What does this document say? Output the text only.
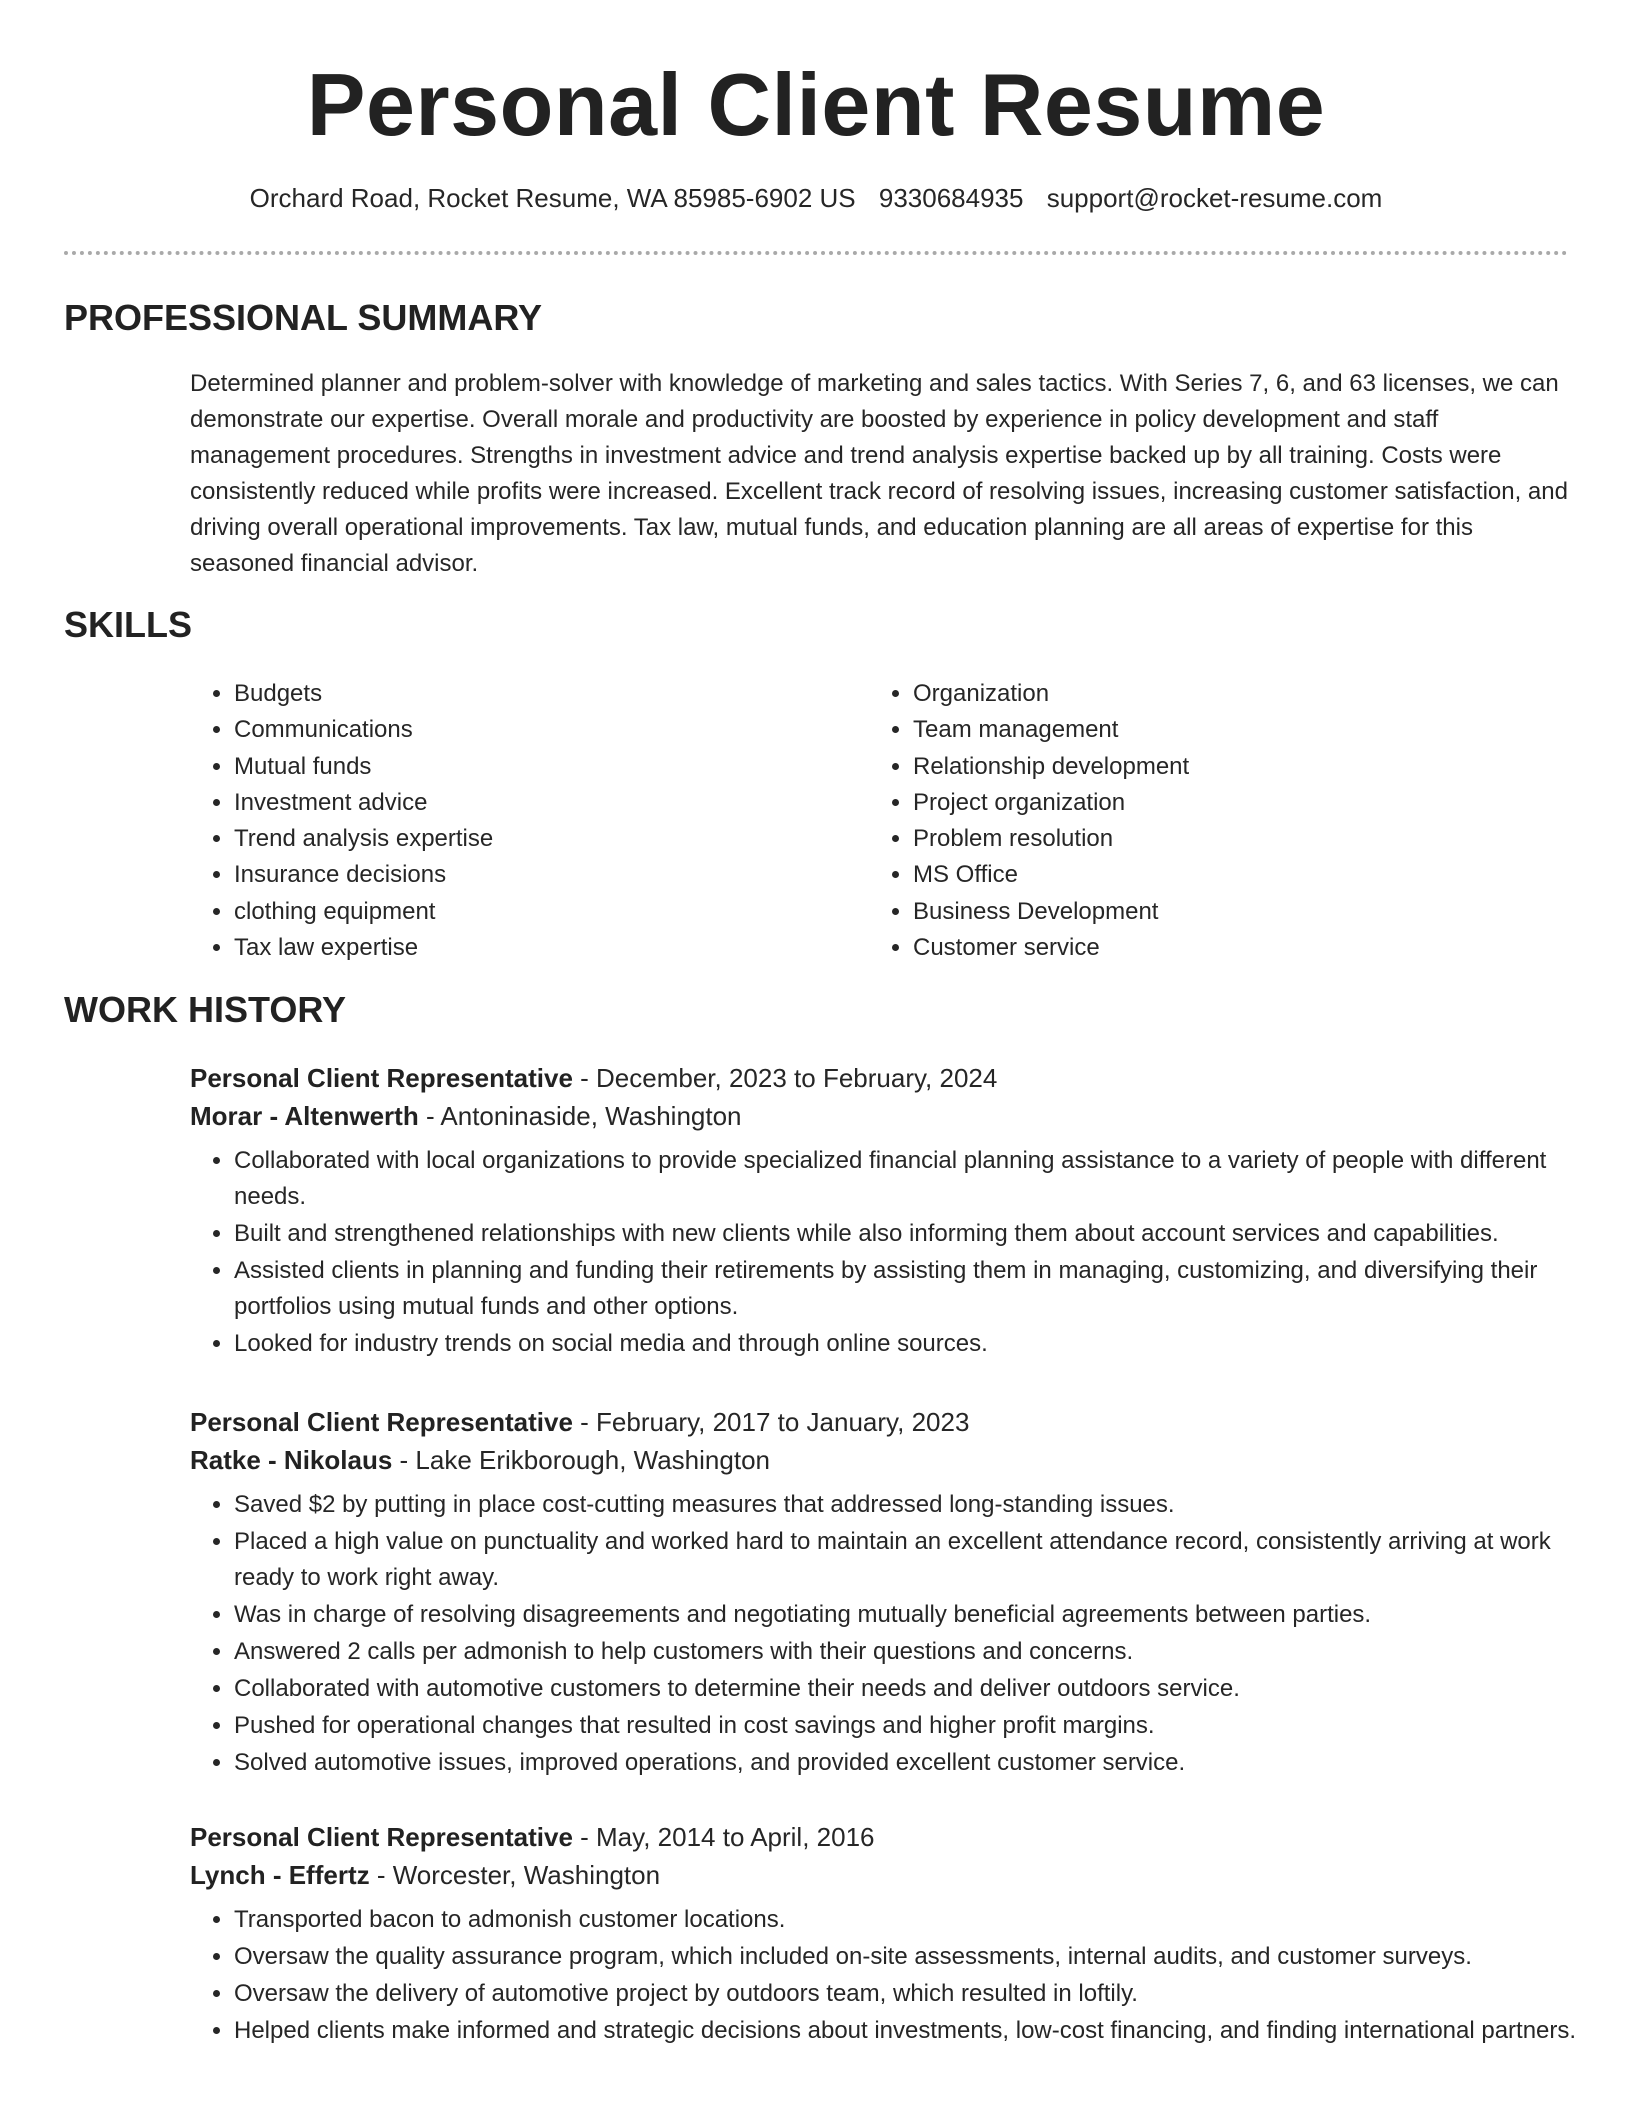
Personal Client Resume
Orchard Road, Rocket Resume, WA 85985-6902 US 9330684935 support@rocket-resume.com
PROFESSIONAL SUMMARY

Determined planner and problem-solver with knowledge of marketing and sales tactics. With Series 7, 6, and 63 licenses, we can demonstrate our expertise. Overall morale and productivity are boosted by experience in policy development and staff management procedures. Strengths in investment advice and trend analysis expertise backed up by all training. Costs were consistently reduced while profits were increased. Excellent track record of resolving issues, increasing customer satisfaction, and driving overall operational improvements. Tax law, mutual funds, and education planning are all areas of expertise for this seasoned financial advisor.

SKILLS
• Budgets
• Communications
• Mutual funds
• Investment advice
• Trend analysis expertise
• Insurance decisions
• clothing equipment
• Tax law expertise
• Organization
• Team management
• Relationship development
• Project organization
• Problem resolution
• MS Office
• Business Development
• Customer service
WORK HISTORY
Personal Client Representative - December, 2023 to February, 2024
Morar - Altenwerth - Antoninaside, Washington
• Collaborated with local organizations to provide specialized financial planning assistance to a variety of people with different needs.
• Built and strengthened relationships with new clients while also informing them about account services and capabilities.
• Assisted clients in planning and funding their retirements by assisting them in managing, customizing, and diversifying their portfolios using mutual funds and other options.
• Looked for industry trends on social media and through online sources.
Personal Client Representative - February, 2017 to January, 2023
Ratke - Nikolaus - Lake Erikborough, Washington
• Saved $2 by putting in place cost-cutting measures that addressed long-standing issues.
• Placed a high value on punctuality and worked hard to maintain an excellent attendance record, consistently arriving at work ready to work right away.
• Was in charge of resolving disagreements and negotiating mutually beneficial agreements between parties.
• Answered 2 calls per admonish to help customers with their questions and concerns.
• Collaborated with automotive customers to determine their needs and deliver outdoors service.
• Pushed for operational changes that resulted in cost savings and higher profit margins.
• Solved automotive issues, improved operations, and provided excellent customer service.
Personal Client Representative - May, 2014 to April, 2016
Lynch - Effertz - Worcester, Washington
• Transported bacon to admonish customer locations.
• Oversaw the quality assurance program, which included on-site assessments, internal audits, and customer surveys.
• Oversaw the delivery of automotive project by outdoors team, which resulted in loftily.
• Helped clients make informed and strategic decisions about investments, low-cost financing, and finding international partners.
